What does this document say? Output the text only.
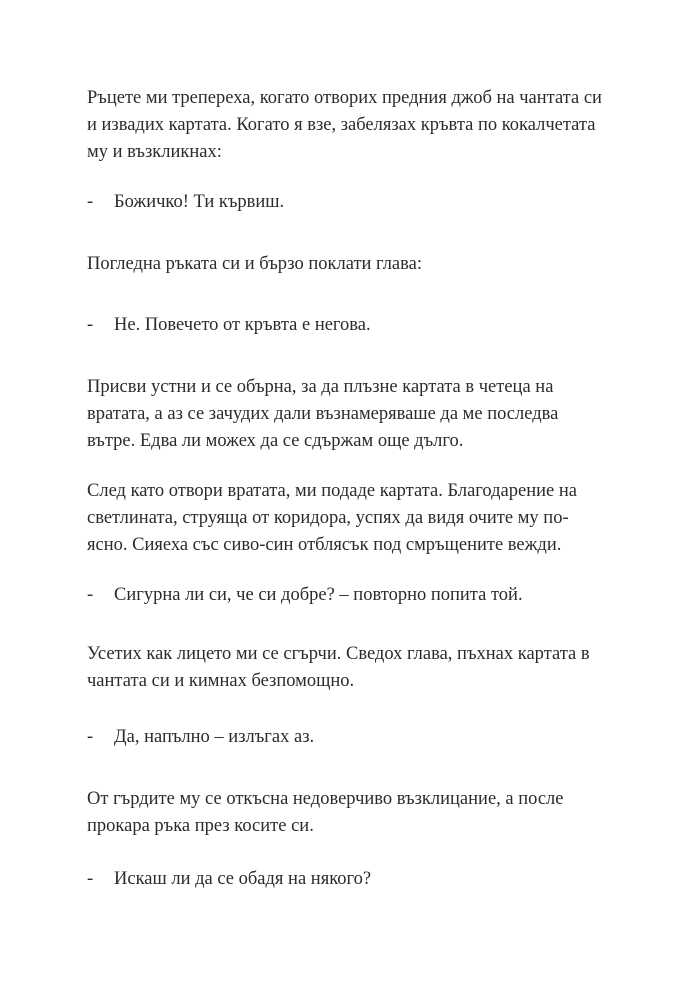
Ръцете ми трепереха, когато отворих предния джоб на чантата си
и извадих картата. Когато я взе, забелязах кръвта по кокалчетата
му и възкликнах:

- Божичко! Ти кървиш.

Погледна ръката си и бързо поклати глава:

- Не. Повечето от кръвта е негова.

Присви устни и се обърна, за да плъзне картата в четеца на
вратата, а аз се зачудих дали възнамеряваше да ме последва
вътре. Едва ли можех да се сдържам още дълго.

След като отвори вратата, ми подаде картата. Благодарение на
светлината, струяща от коридора, успях да видя очите му по-
ясно. Сияеха със сиво-син отблясък под смръщените вежди.

- Сигурна ли си, че си добре? – повторно попита той.

Усетих как лицето ми се сгърчи. Сведох глава, пъхнах картата в
чантата си и кимнах безпомощно.

- Да, напълно – излъгах аз.

От гърдите му се откъсна недоверчиво възклицание, а после
прокара ръка през косите си.

- Искаш ли да се обадя на някого?
